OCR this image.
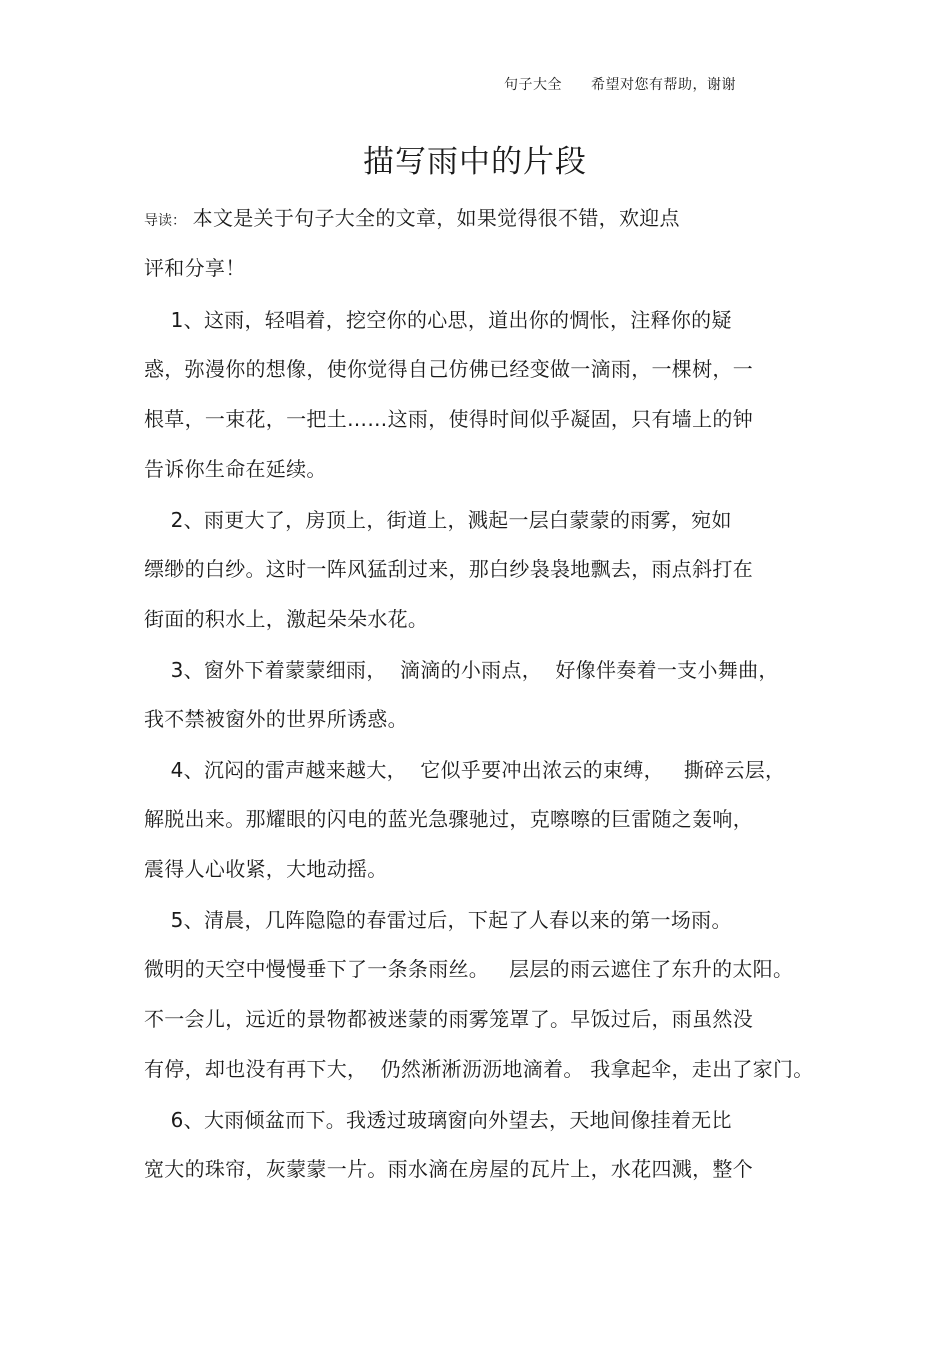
句子大全　　希望对您有帮助，谢谢
描写雨中的片段
导读： 本文是关于句子大全的文章，如果觉得很不错，欢迎点
评和分享！
1、这雨，轻唱着，挖空你的心思，道出你的惆怅，注释你的疑
惑，弥漫你的想像，使你觉得自己仿佛已经变做一滴雨，一棵树，一
根草，一束花，一把土……这雨，使得时间似乎凝固，只有墙上的钟
告诉你生命在延续。
2、雨更大了，房顶上，街道上，溅起一层白蒙蒙的雨雾，宛如
缥缈的白纱。这时一阵风猛刮过来，那白纱袅袅地飘去，雨点斜打在
街面的积水上，激起朵朵水花。
3、窗外下着蒙蒙细雨，  滴滴的小雨点，  好像伴奏着一支小舞曲，
我不禁被窗外的世界所诱惑。
4、沉闷的雷声越来越大，  它似乎要冲出浓云的束缚，   撕碎云层，
解脱出来。那耀眼的闪电的蓝光急骤驰过，克嚓嚓的巨雷随之轰响，
震得人心收紧，大地动摇。
5、清晨，几阵隐隐的春雷过后，下起了人春以来的第一场雨。
微明的天空中慢慢垂下了一条条雨丝。   层层的雨云遮住了东升的太阳。
不一会儿，远近的景物都被迷蒙的雨雾笼罩了。早饭过后，雨虽然没
有停，却也没有再下大，  仍然淅淅沥沥地滴着。 我拿起伞，走出了家门。
6、大雨倾盆而下。我透过玻璃窗向外望去，天地间像挂着无比
宽大的珠帘，灰蒙蒙一片。雨水滴在房屋的瓦片上，水花四溅，整个
